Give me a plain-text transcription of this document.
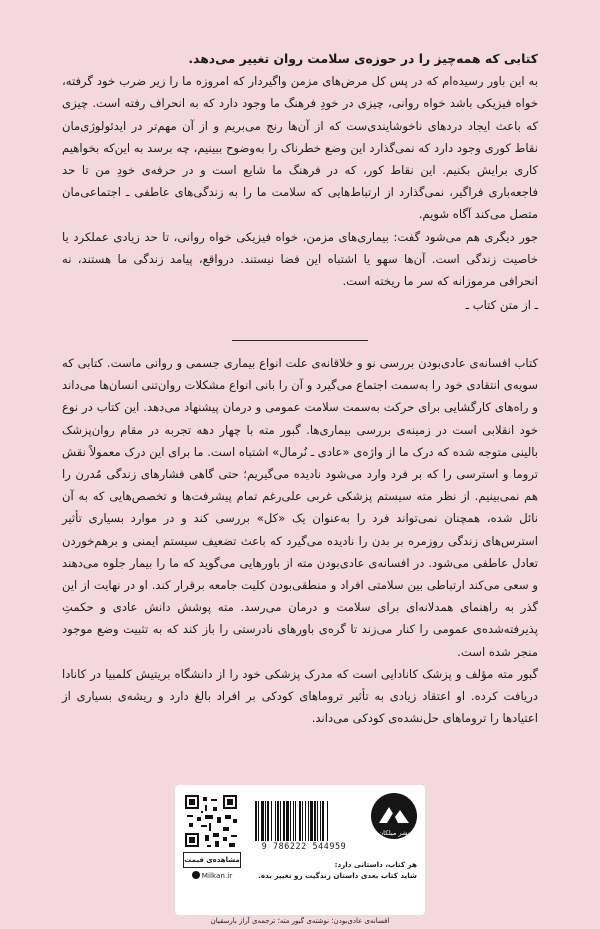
کتابی که همه‌چیز را در حوزه‌ی سلامت روان تغییر می‌دهد.

به این باور رسیده‌ام که در پس کل مرض‌های مزمن واگیردار که امروزه ما را زیر ضرب خود گرفته، خواه فیزیکی باشد خواه روانی، چیزی در خودِ فرهنگ ما وجود دارد که به انحراف رفته است. چیزی که باعث ایجاد دردهای ناخوشایندی‌ست که از آن‌ها رنج می‌بریم و از آن مهم‌تر در ایدئولوژی‌مان نقاط کوری وجود دارد که نمی‌گذارد این وضع خطرناک را به‌وضوح ببینیم، چه برسد به این‌که بخواهیم کاری برایش بکنیم. این نقاط کور، که در فرهنگ ما شایع است و در حرفه‌ی خودِ من تا حد فاجعه‌باری فراگیر، نمی‌گذارد از ارتباط‌هایی که سلامت ما را به زندگی‌های عاطفی ـ اجتماعی‌مان متصل می‌کند آگاه شویم.

جور دیگری هم می‌شود گفت: بیماری‌های مزمن، خواه فیزیکی خواه روانی، تا حد زیادی عملکرد یا خاصیت زندگی است. آن‌ها سهو یا اشتباه این فضا نیستند. درواقع، پیامد زندگی ما هستند، نه انحرافی مرموزانه که سر ما ریخته است.

ـ از متن کتاب ـ

کتاب افسانه‌ی عادی‌بودن بررسی نو و خلاقانه‌ی علت انواع بیماری جسمی و روانی ماست. کتابی که سویه‌ی انتقادی خود را به‌سمت اجتماع می‌گیرد و آن را بانی انواع مشکلات روان‌تنی انسان‌ها می‌داند و راه‌های کارگشایی برای حرکت به‌سمت سلامت عمومی و درمان پیشنهاد می‌دهد. این کتاب در نوع خود انقلابی است در زمینه‌ی بررسی بیماری‌ها. گبور مته با چهار دهه تجربه در مقام روان‌پزشک بالینی متوجه شده که درک ما از واژه‌ی «عادی ـ نُرمال» اشتباه است. ما برای این درک معمولاً نقش تروما و استرسی را که بر فرد وارد می‌شود نادیده می‌گیریم؛ حتی گاهی فشارهای زندگی مُدرن را هم نمی‌بینیم. از نظر مته سیستم پزشکی غربی علی‌رغم تمام پیشرفت‌ها و تخصص‌هایی که به آن نائل شده، همچنان نمی‌تواند فرد را به‌عنوان یک «کل» بررسی کند و در موارد بسیاری تأثیر استرس‌های زندگی روزمره بر بدن را نادیده می‌گیرد که باعث تضعیف سیستم ایمنی و برهم‌خوردن تعادل عاطفی می‌شود. در افسانه‌ی عادی‌بودن مته از باورهایی می‌گوید که ما را بیمار جلوه می‌دهند و سعی می‌کند ارتباطی بین سلامتی افراد و منطقی‌بودن کلیت جامعه برقرار کند. او در نهایت از این گذر به راهنمای همدلانه‌ای برای سلامت و درمان می‌رسد. مته پوشش دانش عادی و حکمتِ پذیرفته‌شده‌ی عمومی را کنار می‌زند تا گره‌ی باورهای نادرستی را باز کند که به تثبیت وضع موجود منجر شده است.

گبور مته مؤلف و پزشک کانادایی است که مدرک پزشکی خود را از دانشگاه بریتیش کلمبیا در کانادا دریافت کرده. او اعتقاد زیادی به تأثیر تروماهای کودکی بر افراد بالغ دارد و ریشه‌ی بسیاری از اعتیادها را تروماهای حل‌نشده‌ی کودکی می‌داند.

مشاهده‌ی قیمت
Milkan.ir
9 786222 544959
نشر میلکان
هر کتاب، داستانی دارد:
شاید کتاب بعدی داستان زندگیت رو تغییر بده.
افسانه‌ی عادی‌بودن؛ نوشته‌ی گبور مته؛ ترجمه‌ی آراز بارسقیان
